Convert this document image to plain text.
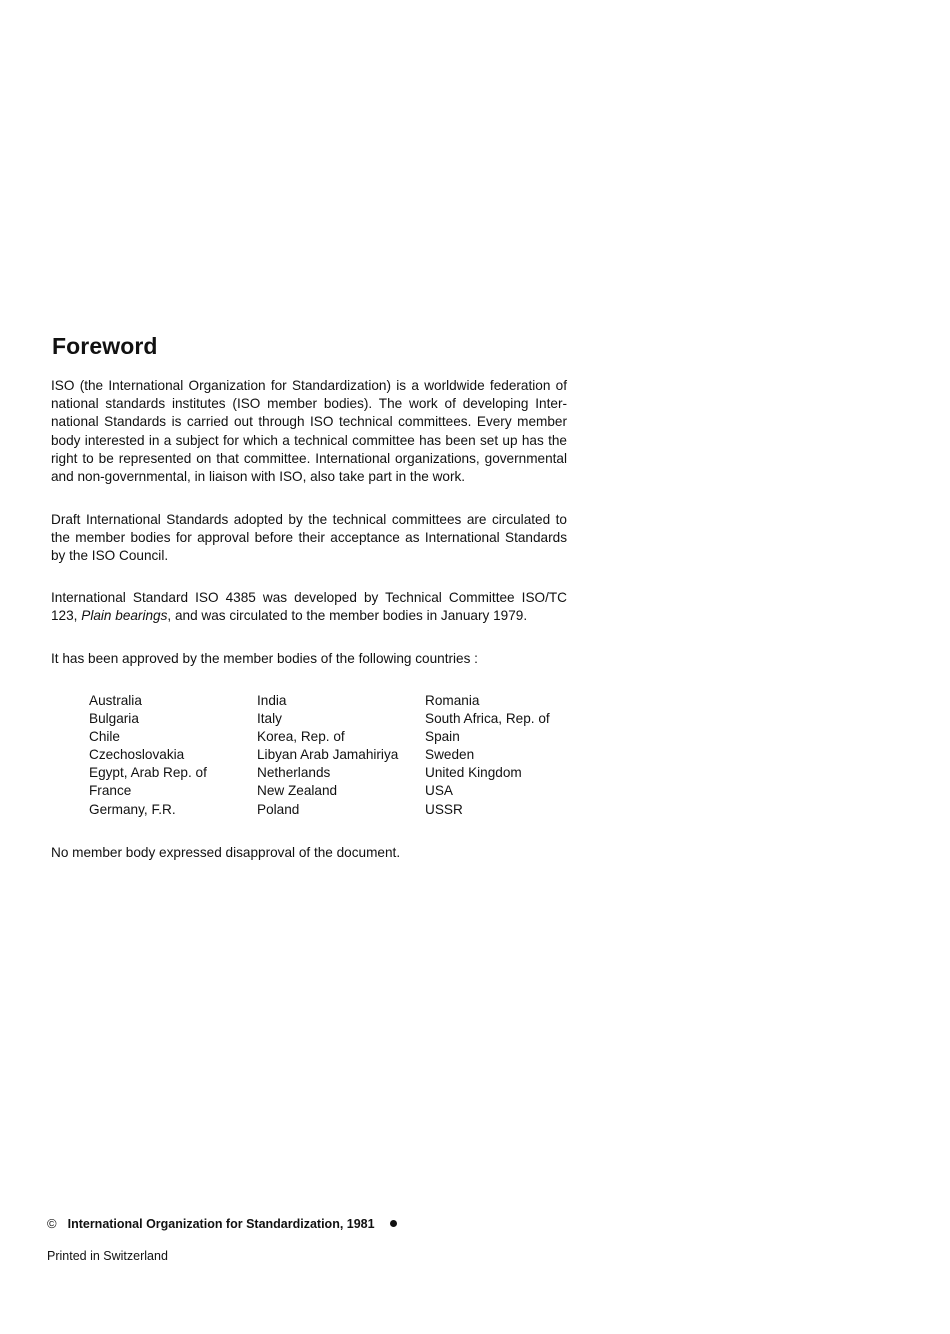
Foreword

ISO (the International Organization for Standardization) is a worldwide federation of national standards institutes (ISO member bodies). The work of developing Inter-national Standards is carried out through ISO technical committees. Every member body interested in a subject for which a technical committee has been set up has the right to be represented on that committee. International organizations, governmental and non-governmental, in liaison with ISO, also take part in the work.

Draft International Standards adopted by the technical committees are circulated to the member bodies for approval before their acceptance as International Standards by the ISO Council.

International Standard ISO 4385 was developed by Technical Committee ISO/TC 123, Plain bearings, and was circulated to the member bodies in January 1979.

It has been approved by the member bodies of the following countries :

Australia
Bulgaria
Chile
Czechoslovakia
Egypt, Arab Rep. of
France
Germany, F.R.
India
Italy
Korea, Rep. of
Libyan Arab Jamahiriya
Netherlands
New Zealand
Poland
Romania
South Africa, Rep. of
Spain
Sweden
United Kingdom
USA
USSR

No member body expressed disapproval of the document.

© International Organization for Standardization, 1981
Printed in Switzerland
